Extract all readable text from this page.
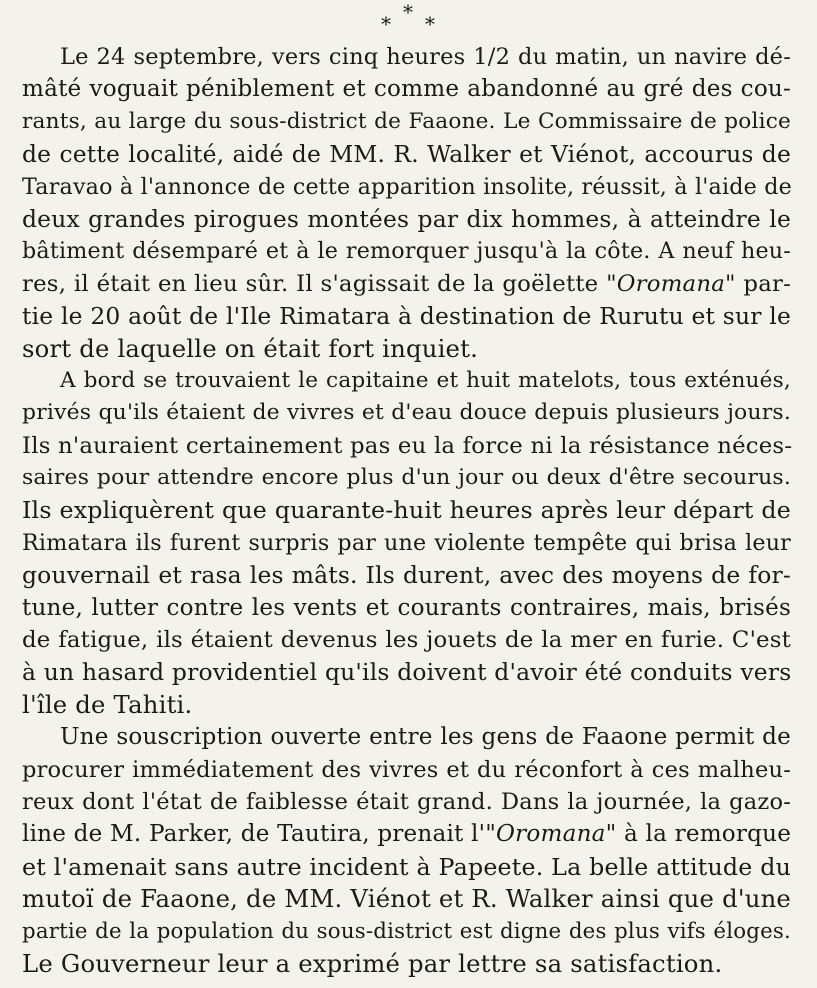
*
* *
Le 24 septembre, vers cinq heures 1/2 du matin, un navire dé-
mâté voguait péniblement et comme abandonné au gré des cou-
rants, au large du sous-district de Faaone. Le Commissaire de police
de cette localité, aidé de MM. R. Walker et Viénot, accourus de
Taravao à l'annonce de cette apparition insolite, réussit, à l'aide de
deux grandes pirogues montées par dix hommes, à atteindre le
bâtiment désemparé et à le remorquer jusqu'à la côte. A neuf heu-
res, il était en lieu sûr. Il s'agissait de la goëlette "Oromana" par-
tie le 20 août de l'Ile Rimatara à destination de Rurutu et sur le
sort de laquelle on était fort inquiet.
A bord se trouvaient le capitaine et huit matelots, tous exténués,
privés qu'ils étaient de vivres et d'eau douce depuis plusieurs jours.
Ils n'auraient certainement pas eu la force ni la résistance néces-
saires pour attendre encore plus d'un jour ou deux d'être secourus.
Ils expliquèrent que quarante-huit heures après leur départ de
Rimatara ils furent surpris par une violente tempête qui brisa leur
gouvernail et rasa les mâts. Ils durent, avec des moyens de for-
tune, lutter contre les vents et courants contraires, mais, brisés
de fatigue, ils étaient devenus les jouets de la mer en furie. C'est
à un hasard providentiel qu'ils doivent d'avoir été conduits vers
l'île de Tahiti.
Une souscription ouverte entre les gens de Faaone permit de
procurer immédiatement des vivres et du réconfort à ces malheu-
reux dont l'état de faiblesse était grand. Dans la journée, la gazo-
line de M. Parker, de Tautira, prenait l'"Oromana" à la remorque
et l'amenait sans autre incident à Papeete. La belle attitude du
mutoï de Faaone, de MM. Viénot et R. Walker ainsi que d'une
partie de la population du sous-district est digne des plus vifs éloges.
Le Gouverneur leur a exprimé par lettre sa satisfaction.
